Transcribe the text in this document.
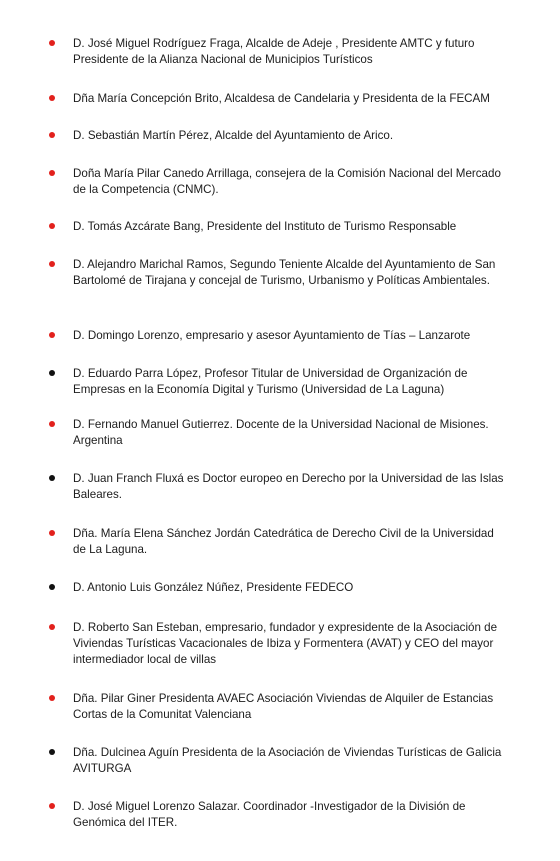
D. José Miguel Rodríguez Fraga, Alcalde de Adeje , Presidente AMTC y futuro Presidente de la Alianza Nacional de Municipios Turísticos
Dña María Concepción Brito, Alcaldesa de Candelaria y Presidenta de la FECAM
D. Sebastián Martín Pérez, Alcalde del Ayuntamiento de Arico.
Doña María Pilar Canedo Arrillaga, consejera de la Comisión Nacional del Mercado de la Competencia (CNMC).
D. Tomás Azcárate Bang, Presidente del Instituto de Turismo Responsable
D. Alejandro Marichal Ramos, Segundo Teniente Alcalde del Ayuntamiento de San Bartolomé de Tirajana y concejal de Turismo, Urbanismo y Políticas Ambientales.
D. Domingo Lorenzo, empresario y asesor Ayuntamiento de Tías – Lanzarote
D. Eduardo Parra López, Profesor Titular de Universidad de Organización de Empresas en la Economía Digital y Turismo (Universidad de La Laguna)
D. Fernando Manuel Gutierrez. Docente de la Universidad Nacional de Misiones. Argentina
D. Juan Franch Fluxá es Doctor europeo en Derecho por la Universidad de las Islas Baleares.
Dña. María Elena Sánchez Jordán Catedrática de Derecho Civil de la Universidad de La Laguna.
D. Antonio Luis González Núñez, Presidente FEDECO
D. Roberto San Esteban, empresario, fundador y expresidente de la Asociación de Viviendas Turísticas Vacacionales de Ibiza y Formentera (AVAT) y CEO del mayor intermediador local de villas
Dña. Pilar Giner Presidenta AVAEC Asociación Viviendas de Alquiler de Estancias Cortas de la Comunitat Valenciana
Dña. Dulcinea Aguín Presidenta de la Asociación de Viviendas Turísticas de Galicia AVITURGA
D. José Miguel Lorenzo Salazar. Coordinador -Investigador de la División de Genómica del ITER.
